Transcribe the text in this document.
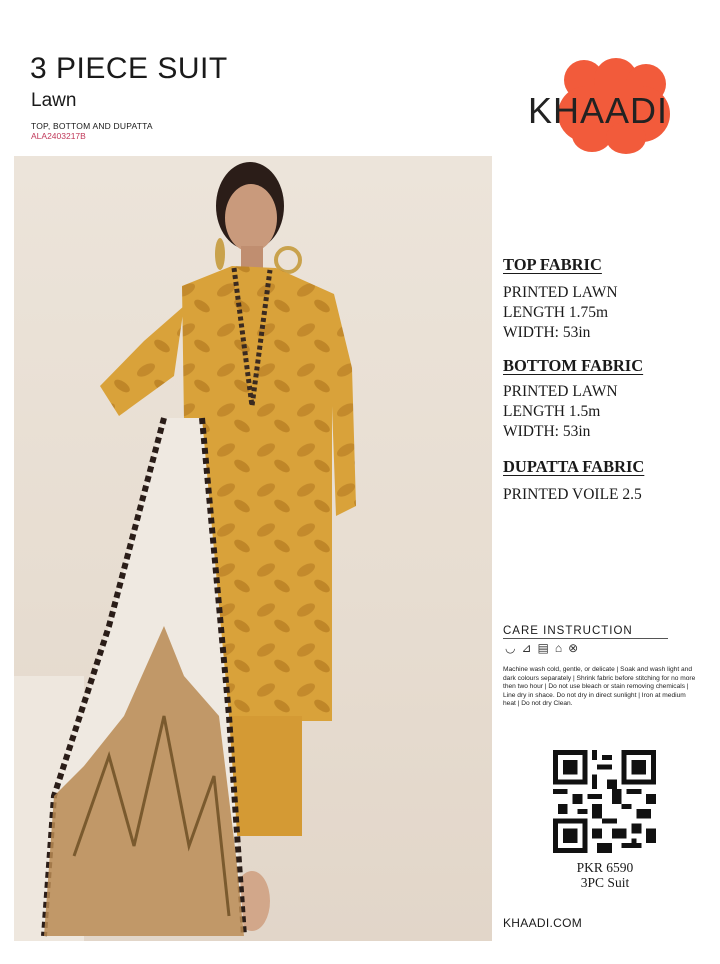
3 PIECE SUIT
Lawn
TOP, BOTTOM AND DUPATTA
ALA2403217B
KHAADI
TOP FABRIC
PRINTED LAWN
LENGTH 1.75m
WIDTH: 53in
BOTTOM FABRIC
PRINTED LAWN
LENGTH 1.5m
WIDTH: 53in
DUPATTA FABRIC
PRINTED VOILE 2.5
CARE INSTRUCTION
◡ ⊿ ▤ ⌂ ⊗
Machine wash cold, gentle, or delicate | Soak and wash light and dark colours separately | Shrink fabric before stitching for no more then two hour | Do not use bleach or stain removing chemicals | Line dry in shace. Do not dry in direct sunlight | Iron at medium heat | Do not dry Clean.
PKR 6590
3PC Suit
KHAADI.COM
